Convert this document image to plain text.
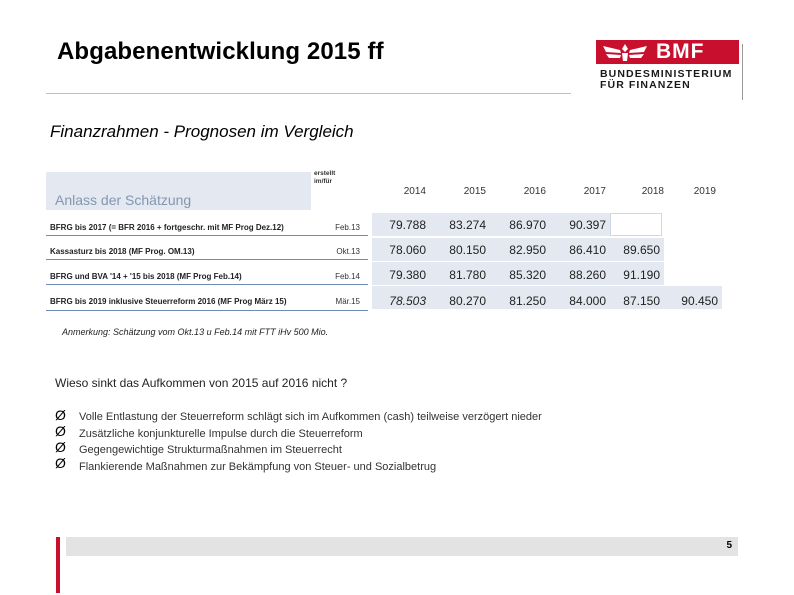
Abgabenentwicklung 2015 ff	BMF
BUNDESMINISTERIUM
FÜR FINANZEN
Finanzrahmen - Prognosen im Vergleich
Anlass der Schätzung
erstellt
im/für
2014	2015	2016	2017	2018	2019
BFRG bis 2017 (= BFR 2016 + fortgeschr. mit MF Prog Dez.12)	Feb.13	79.788	83.274	86.970	90.397
Kassasturz bis 2018 (MF Prog. OM.13)	Okt.13	78.060	80.150	82.950	86.410	89.650
BFRG und BVA '14 + '15 bis 2018 (MF Prog Feb.14)	Feb.14	79.380	81.780	85.320	88.260	91.190
BFRG bis 2019 inklusive Steuerreform 2016 (MF Prog März 15)	Mär.15	78.503	80.270	81.250	84.000	87.150	90.450
Anmerkung: Schätzung vom Okt.13 u Feb.14 mit FTT iHv 500 Mio.
Wieso sinkt das Aufkommen von 2015 auf 2016 nicht ?
Ø Volle Entlastung der Steuerreform schlägt sich im Aufkommen (cash) teilweise verzögert nieder
Ø Zusätzliche konjunkturelle Impulse durch die Steuerreform
Ø Gegengewichtige Strukturmaßnahmen im Steuerrecht
Ø Flankierende Maßnahmen zur Bekämpfung von Steuer- und Sozialbetrug
5
